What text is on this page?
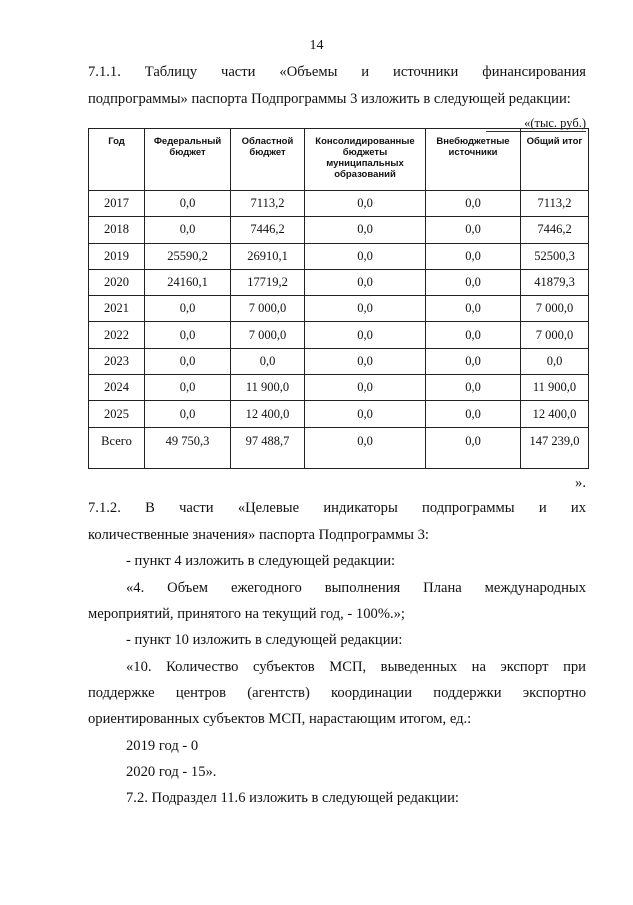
14

7.1.1. Таблицу части «Объемы и источники финансирования

подпрограммы» паспорта Подпрограммы 3 изложить в следующей редакции:

«(тыс. руб.)
Год	Федеральный бюджет	Областной бюджет	Консолидированные бюджеты муниципальных образований	Внебюджетные источники	Общий итог
2017	0,0	7113,2	0,0	0,0	7113,2
2018	0,0	7446,2	0,0	0,0	7446,2
2019	25590,2	26910,1	0,0	0,0	52500,3
2020	24160,1	17719,2	0,0	0,0	41879,3
2021	0,0	7 000,0	0,0	0,0	7 000,0
2022	0,0	7 000,0	0,0	0,0	7 000,0
2023	0,0	0,0	0,0	0,0	0,0
2024	0,0	11 900,0	0,0	0,0	11 900,0
2025	0,0	12 400,0	0,0	0,0	12 400,0
Всего	49 750,3	97 488,7	0,0	0,0	147 239,0
».

7.1.2. В части «Целевые индикаторы подпрограммы и их

количественные значения» паспорта Подпрограммы 3:

- пункт 4 изложить в следующей редакции:

«4. Объем ежегодного выполнения Плана международных

мероприятий, принятого на текущий год, - 100%.»;

- пункт 10 изложить в следующей редакции:

«10. Количество субъектов МСП, выведенных на экспорт при

поддержке центров (агентств) координации поддержки экспортно

ориентированных субъектов МСП, нарастающим итогом, ед.:

2019 год - 0

2020 год - 15».

7.2. Подраздел 11.6 изложить в следующей редакции:
